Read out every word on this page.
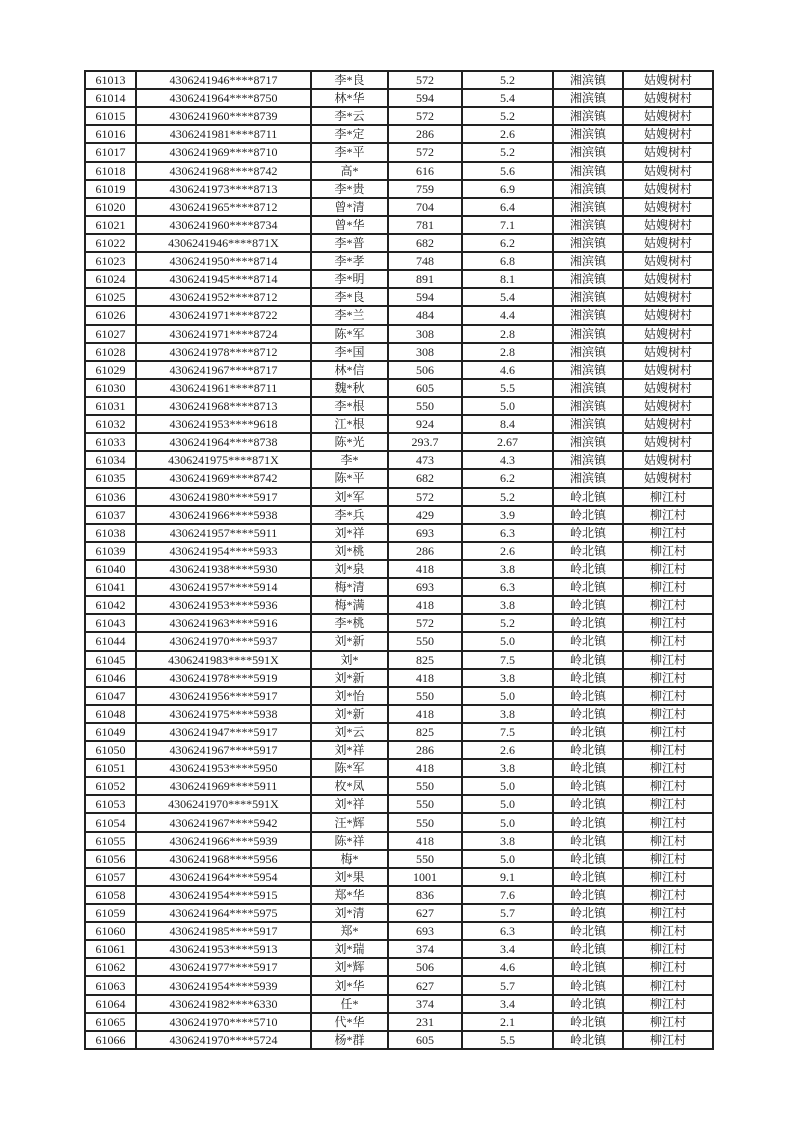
61013	4306241946****8717	李*良	572	5.2	湘滨镇	姑嫂树村
61014	4306241964****8750	林*华	594	5.4	湘滨镇	姑嫂树村
61015	4306241960****8739	李*云	572	5.2	湘滨镇	姑嫂树村
61016	4306241981****8711	李*定	286	2.6	湘滨镇	姑嫂树村
61017	4306241969****8710	李*平	572	5.2	湘滨镇	姑嫂树村
61018	4306241968****8742	高*	616	5.6	湘滨镇	姑嫂树村
61019	4306241973****8713	李*贵	759	6.9	湘滨镇	姑嫂树村
61020	4306241965****8712	曾*清	704	6.4	湘滨镇	姑嫂树村
61021	4306241960****8734	曾*华	781	7.1	湘滨镇	姑嫂树村
61022	4306241946****871X	李*普	682	6.2	湘滨镇	姑嫂树村
61023	4306241950****8714	李*孝	748	6.8	湘滨镇	姑嫂树村
61024	4306241945****8714	李*明	891	8.1	湘滨镇	姑嫂树村
61025	4306241952****8712	李*良	594	5.4	湘滨镇	姑嫂树村
61026	4306241971****8722	李*兰	484	4.4	湘滨镇	姑嫂树村
61027	4306241971****8724	陈*军	308	2.8	湘滨镇	姑嫂树村
61028	4306241978****8712	李*国	308	2.8	湘滨镇	姑嫂树村
61029	4306241967****8717	林*信	506	4.6	湘滨镇	姑嫂树村
61030	4306241961****8711	魏*秋	605	5.5	湘滨镇	姑嫂树村
61031	4306241968****8713	李*根	550	5.0	湘滨镇	姑嫂树村
61032	4306241953****9618	江*根	924	8.4	湘滨镇	姑嫂树村
61033	4306241964****8738	陈*光	293.7	2.67	湘滨镇	姑嫂树村
61034	4306241975****871X	李*	473	4.3	湘滨镇	姑嫂树村
61035	4306241969****8742	陈*平	682	6.2	湘滨镇	姑嫂树村
61036	4306241980****5917	刘*军	572	5.2	岭北镇	柳江村
61037	4306241966****5938	李*兵	429	3.9	岭北镇	柳江村
61038	4306241957****5911	刘*祥	693	6.3	岭北镇	柳江村
61039	4306241954****5933	刘*桃	286	2.6	岭北镇	柳江村
61040	4306241938****5930	刘*泉	418	3.8	岭北镇	柳江村
61041	4306241957****5914	梅*清	693	6.3	岭北镇	柳江村
61042	4306241953****5936	梅*满	418	3.8	岭北镇	柳江村
61043	4306241963****5916	李*桃	572	5.2	岭北镇	柳江村
61044	4306241970****5937	刘*新	550	5.0	岭北镇	柳江村
61045	4306241983****591X	刘*	825	7.5	岭北镇	柳江村
61046	4306241978****5919	刘*新	418	3.8	岭北镇	柳江村
61047	4306241956****5917	刘*怡	550	5.0	岭北镇	柳江村
61048	4306241975****5938	刘*新	418	3.8	岭北镇	柳江村
61049	4306241947****5917	刘*云	825	7.5	岭北镇	柳江村
61050	4306241967****5917	刘*祥	286	2.6	岭北镇	柳江村
61051	4306241953****5950	陈*军	418	3.8	岭北镇	柳江村
61052	4306241969****5911	枚*凤	550	5.0	岭北镇	柳江村
61053	4306241970****591X	刘*祥	550	5.0	岭北镇	柳江村
61054	4306241967****5942	汪*辉	550	5.0	岭北镇	柳江村
61055	4306241966****5939	陈*祥	418	3.8	岭北镇	柳江村
61056	4306241968****5956	梅*	550	5.0	岭北镇	柳江村
61057	4306241964****5954	刘*果	1001	9.1	岭北镇	柳江村
61058	4306241954****5915	郑*华	836	7.6	岭北镇	柳江村
61059	4306241964****5975	刘*清	627	5.7	岭北镇	柳江村
61060	4306241985****5917	郑*	693	6.3	岭北镇	柳江村
61061	4306241953****5913	刘*瑞	374	3.4	岭北镇	柳江村
61062	4306241977****5917	刘*辉	506	4.6	岭北镇	柳江村
61063	4306241954****5939	刘*华	627	5.7	岭北镇	柳江村
61064	4306241982****6330	任*	374	3.4	岭北镇	柳江村
61065	4306241970****5710	代*华	231	2.1	岭北镇	柳江村
61066	4306241970****5724	杨*群	605	5.5	岭北镇	柳江村
